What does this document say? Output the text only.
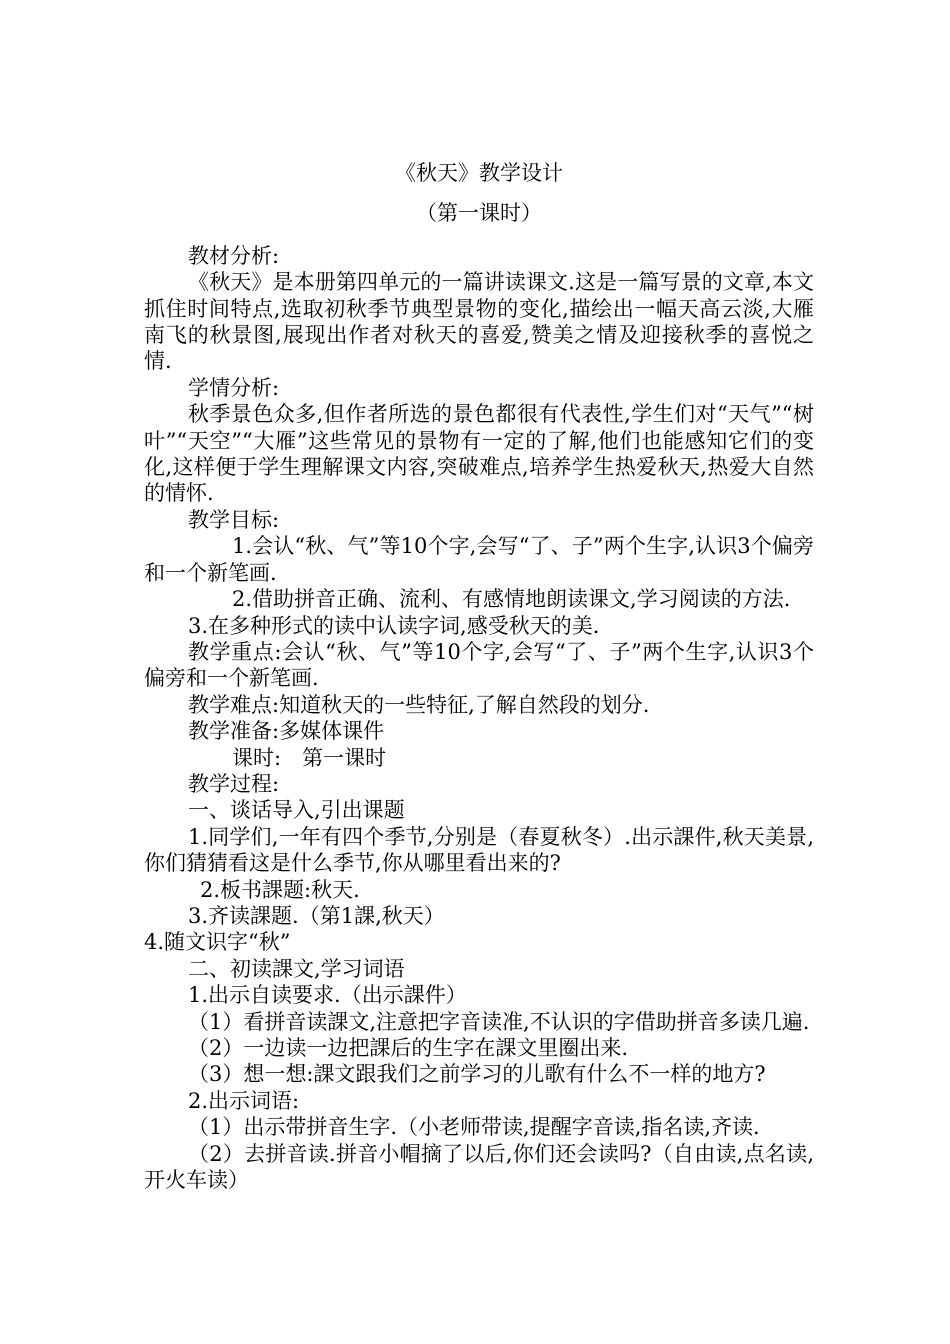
《秋天》教学设计

（第一课时）

教材分析:

《秋天》是本册第四单元的一篇讲读课文.这是一篇写景的文章,本文抓住时间特点,选取初秋季节典型景物的变化,描绘出一幅天高云淡,大雁南飞的秋景图,展现出作者对秋天的喜爱,赞美之情及迎接秋季的喜悦之情.

学情分析:

秋季景色众多,但作者所选的景色都很有代表性,学生们对“天气”“树叶”“天空”“大雁”这些常见的景物有一定的了解,他们也能感知它们的变化,这样便于学生理解课文内容,突破难点,培养学生热爱秋天,热爱大自然的情怀.

教学目标:

1.会认“秋、气”等10个字,会写“了、子”两个生字,认识3个偏旁和一个新笔画.

2.借助拼音正确、流利、有感情地朗读课文,学习阅读的方法.

3.在多种形式的读中认读字词,感受秋天的美.

教学重点:会认“秋、气”等10个字,会写“了、子”两个生字,认识3个偏旁和一个新笔画.

教学难点:知道秋天的一些特征,了解自然段的划分.

教学准备:多媒体课件

课时:　第一课时

教学过程:

一、谈话导入,引出课题

1.同学们,一年有四个季节,分别是（春夏秋冬）.出示課件,秋天美景,你们猜猜看这是什么季节,你从哪里看出来的?

2.板书課题:秋天.

3.齐读課题.（第1課,秋天）

4.随文识字“秋”

二、初读課文,学习词语

1.出示自读要求.（出示課件）

（1）看拼音读課文,注意把字音读准,不认识的字借助拼音多读几遍.

（2）一边读一边把課后的生字在課文里圈出来.

（3）想一想:課文跟我们之前学习的儿歌有什么不一样的地方?

2.出示词语:

（1）出示带拼音生字.（小老师带读,提醒字音读,指名读,齐读.

（2）去拼音读.拼音小帽摘了以后,你们还会读吗?（自由读,点名读,开火车读）
